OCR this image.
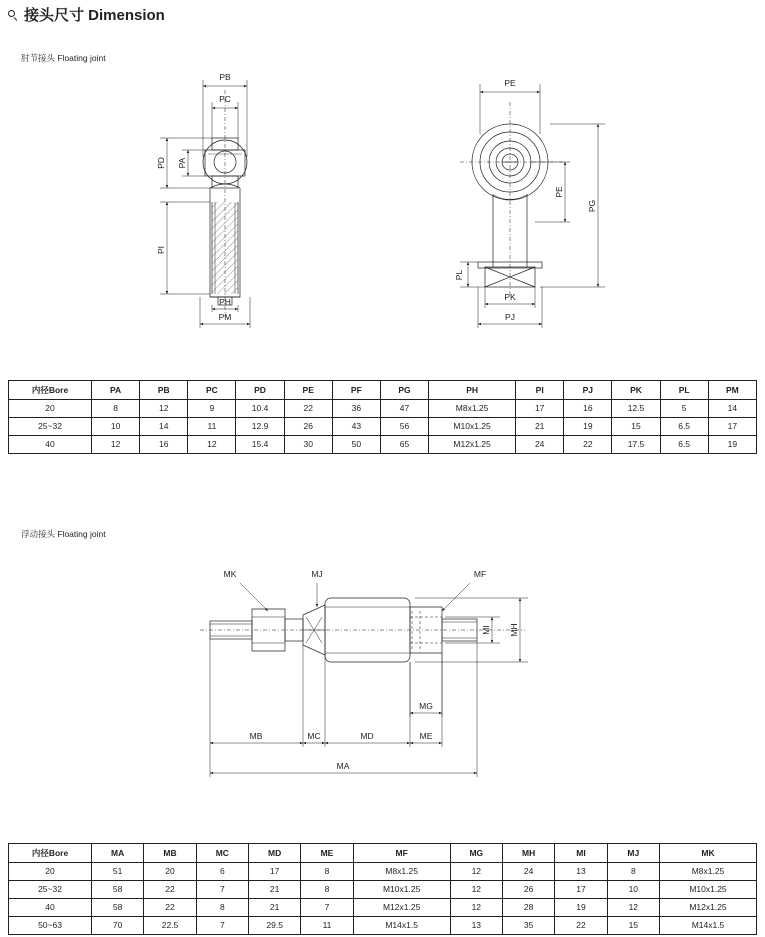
接头尺寸 Dimension
肘节接头 Floating joint
PB
PC
PD PA
PI
PH
PM
PE
PG
PE
PL
PK
PJ
内径Bore	PA	PB	PC	PD	PE	PF	PG	PH	PI	PJ	PK	PL	PM
20	8	12	9	10.4	22	36	47	M8x1.25	17	16	12.5	5	14
25~32	10	14	11	12.9	26	43	56	M10x1.25	21	19	15	6.5	17
40	12	16	12	15.4	30	50	65	M12x1.25	24	22	17.5	6.5	19
浮动接头 Floating joint
MK	MJ	MF
MH
MI
MG
MB	MC	MD	ME
MA
内径Bore	MA	MB	MC	MD	ME	MF	MG	MH	MI	MJ	MK
20	51	20	6	17	8	M8x1.25	12	24	13	8	M8x1.25
25~32	58	22	7	21	8	M10x1.25	12	26	17	10	M10x1.25
40	58	22	8	21	7	M12x1.25	12	28	19	12	M12x1.25
50~63	70	22.5	7	29.5	11	M14x1.5	13	35	22	15	M14x1.5
